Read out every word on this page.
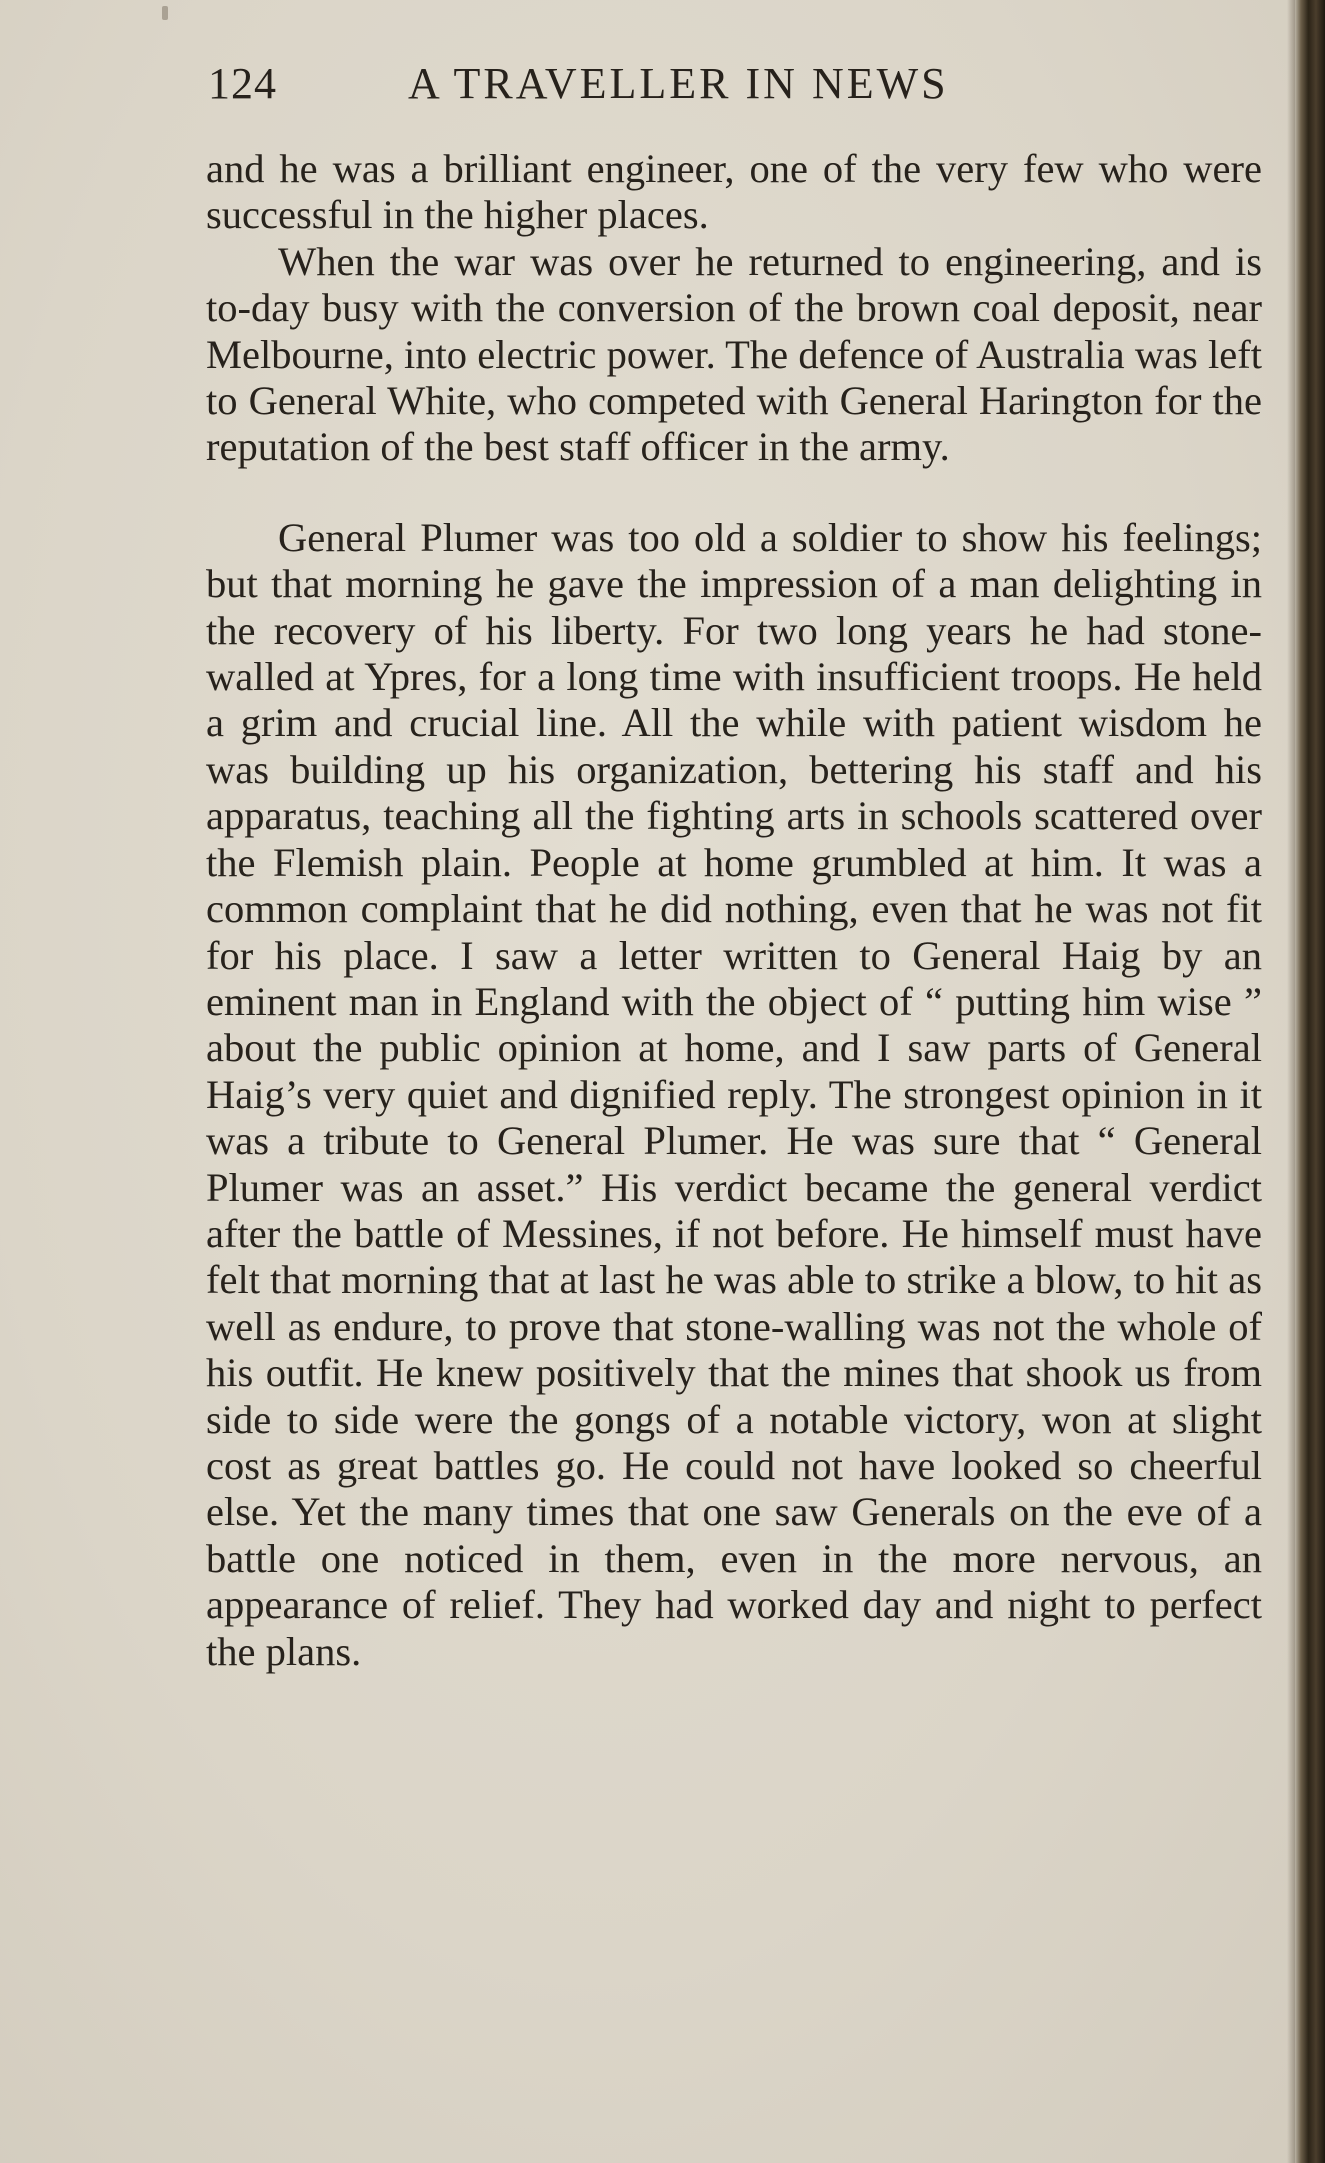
124	A TRAVELLER IN NEWS

and he was a brilliant engineer, one of the very few who were successful in the higher places.

When the war was over he returned to engineering, and is to-day busy with the conversion of the brown coal deposit, near Melbourne, into electric power. The defence of Australia was left to General White, who competed with General Harington for the reputation of the best staff officer in the army.

General Plumer was too old a soldier to show his feelings; but that morning he gave the impression of a man delighting in the recovery of his liberty. For two long years he had stone-walled at Ypres, for a long time with insufficient troops. He held a grim and crucial line. All the while with patient wisdom he was building up his organization, bettering his staff and his apparatus, teaching all the fighting arts in schools scattered over the Flemish plain. People at home grumbled at him. It was a common complaint that he did nothing, even that he was not fit for his place. I saw a letter written to General Haig by an eminent man in England with the object of “ putting him wise ” about the public opinion at home, and I saw parts of General Haig’s very quiet and dignified reply. The strongest opinion in it was a tribute to General Plumer. He was sure that “ General Plumer was an asset.” His verdict became the general verdict after the battle of Messines, if not before. He himself must have felt that morning that at last he was able to strike a blow, to hit as well as endure, to prove that stone-walling was not the whole of his outfit. He knew positively that the mines that shook us from side to side were the gongs of a notable victory, won at slight cost as great battles go. He could not have looked so cheerful else. Yet the many times that one saw Generals on the eve of a battle one noticed in them, even in the more nervous, an appearance of relief. They had worked day and night to perfect the plans.
